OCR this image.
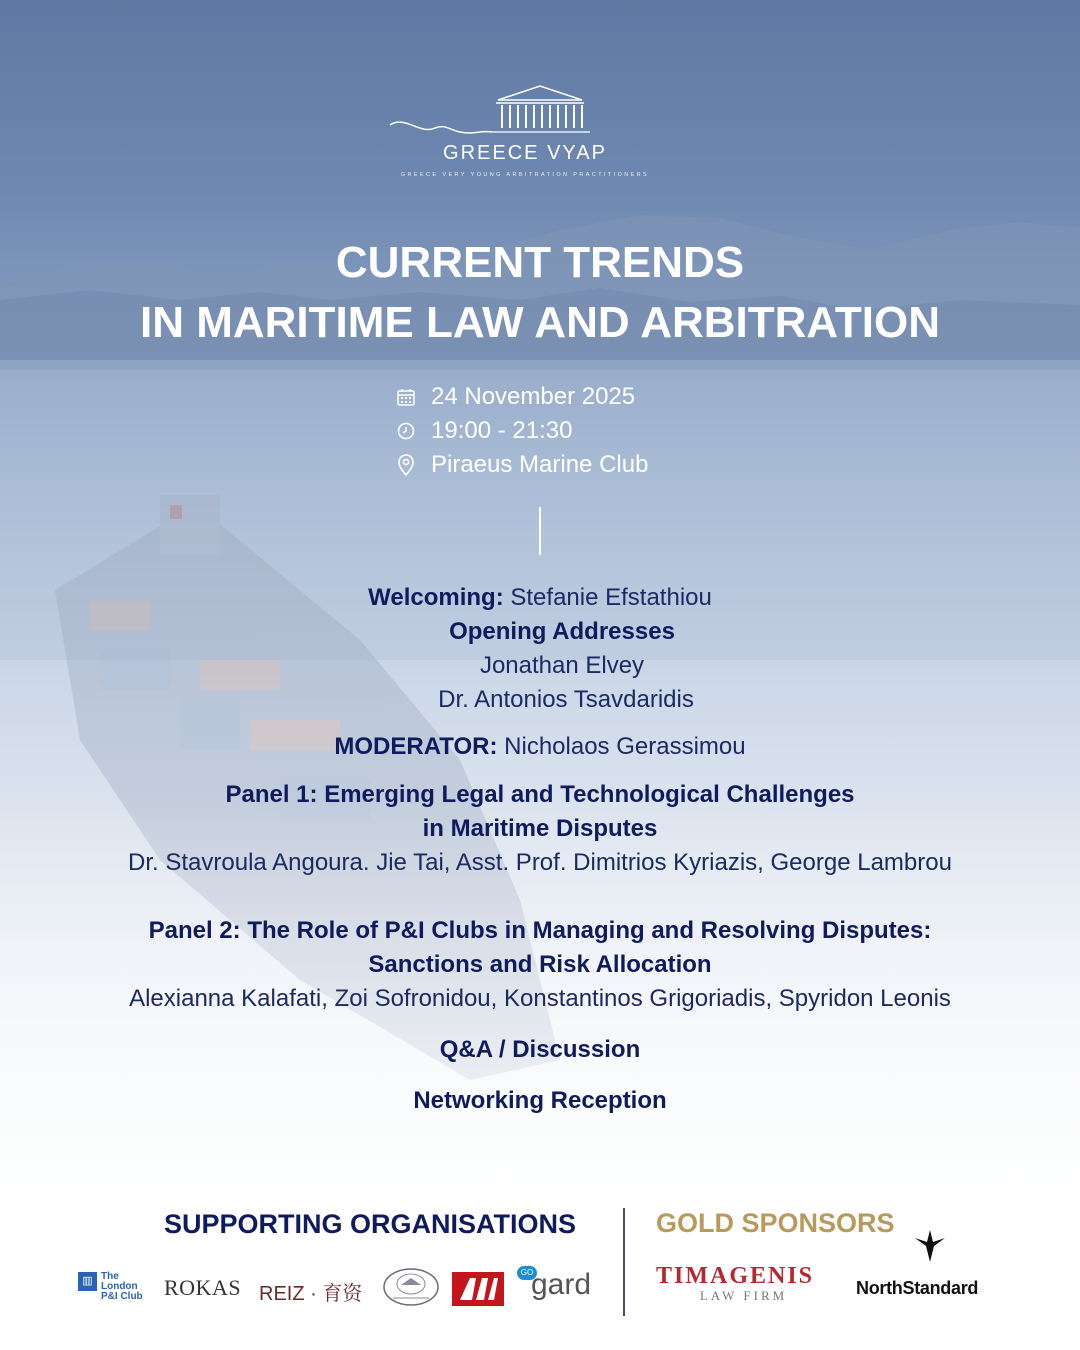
GREECE VYAP
GREECE VERY YOUNG ARBITRATION PRACTITIONERS
CURRENT TRENDS
IN MARITIME LAW AND ARBITRATION
24 November 2025
19:00 - 21:30
Piraeus Marine Club
Welcoming: Stefanie Efstathiou
Opening Addresses
Jonathan Elvey
Dr. Antonios Tsavdaridis
MODERATOR: Nicholaos Gerassimou
Panel 1: Emerging Legal and Technological Challenges
in Maritime Disputes
Dr. Stavroula Angoura. Jie Tai, Asst. Prof. Dimitrios Kyriazis, George Lambrou
Panel 2: The Role of P&I Clubs in Managing and Resolving Disputes:
Sanctions and Risk Allocation
Alexianna Kalafati, Zoi Sofronidou, Konstantinos Grigoriadis, Spyridon Leonis
Q&A / Discussion
Networking Reception
SUPPORTING ORGANISATIONS	GOLD SPONSORS
▥ The
London
P&I Club ROKAS REIZ · 育资
GO
gard	TIMAGENIS
LAW FIRM	NorthStandard
